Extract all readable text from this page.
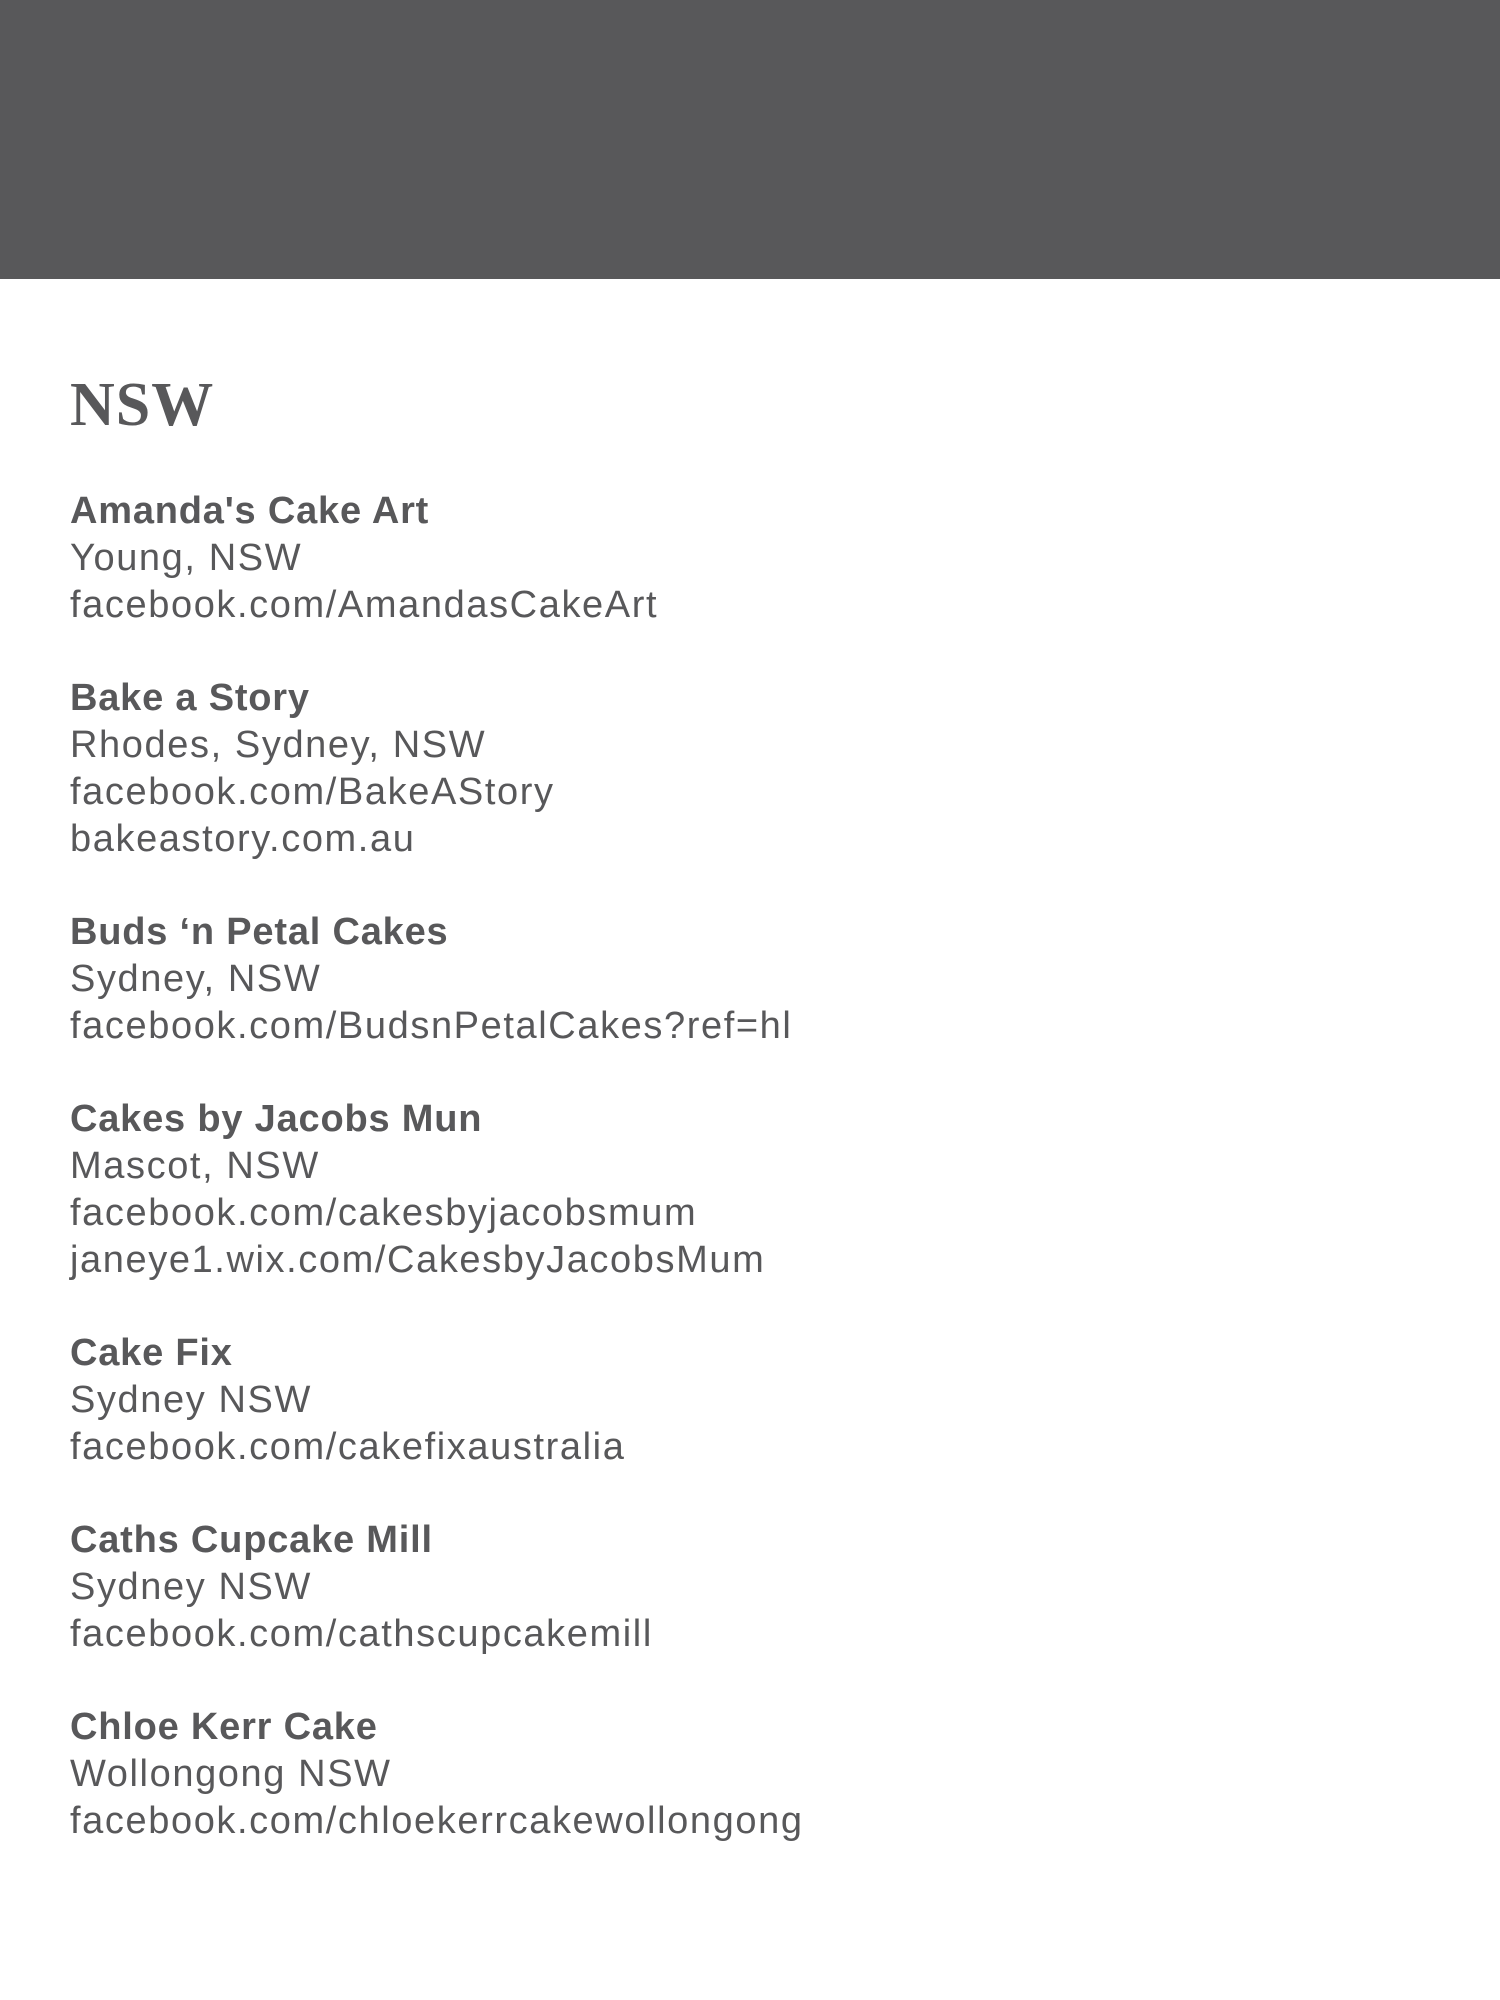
NSW
Amanda's Cake Art
Young, NSW
facebook.com/AmandasCakeArt
Bake a Story
Rhodes, Sydney, NSW
facebook.com/BakeAStory
bakeastory.com.au
Buds ‘n Petal Cakes
Sydney, NSW
facebook.com/BudsnPetalCakes?ref=hl
Cakes by Jacobs Mun
Mascot, NSW
facebook.com/cakesbyjacobsmum
janeye1.wix.com/CakesbyJacobsMum
Cake Fix
Sydney NSW
facebook.com/cakefixaustralia
Caths Cupcake Mill
Sydney NSW
facebook.com/cathscupcakemill
Chloe Kerr Cake
Wollongong NSW
facebook.com/chloekerrcakewollongong
